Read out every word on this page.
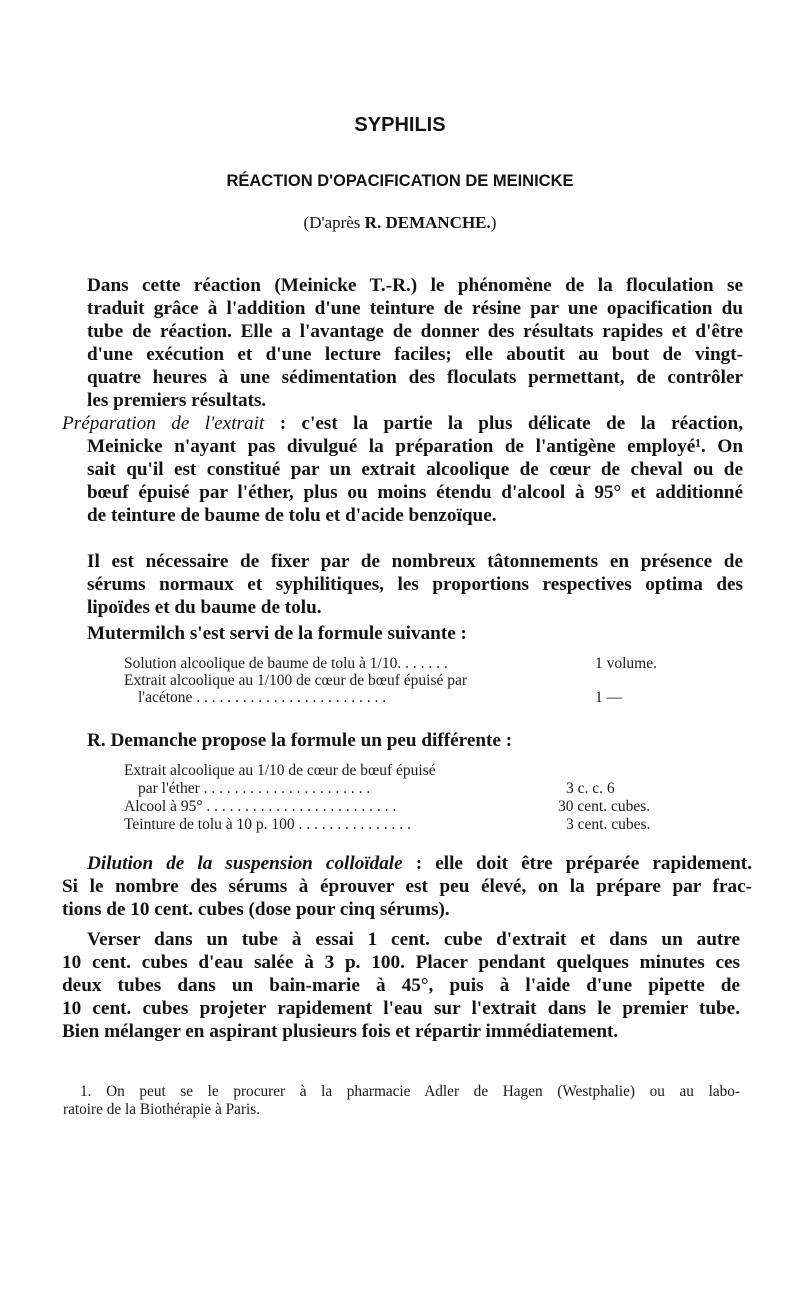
SYPHILIS
RÉACTION D'OPACIFICATION DE MEINICKE
(D'après R. DEMANCHE.)
Dans cette réaction (Meinicke T.-R.) le phénomène de la floculation se
traduit grâce à l'addition d'une teinture de résine par une opacification du
tube de réaction. Elle a l'avantage de donner des résultats rapides et d'être
d'une exécution et d'une lecture faciles; elle aboutit au bout de vingt-
quatre heures à une sédimentation des floculats permettant, de contrôler
les premiers résultats.
Préparation de l'extrait : c'est la partie la plus délicate de la réaction,
Meinicke n'ayant pas divulgué la préparation de l'antigène employé¹. On
sait qu'il est constitué par un extrait alcoolique de cœur de cheval ou de
bœuf épuisé par l'éther, plus ou moins étendu d'alcool à 95° et additionné
de teinture de baume de tolu et d'acide benzoïque.
Il est nécessaire de fixer par de nombreux tâtonnements en présence de
sérums normaux et syphilitiques, les proportions respectives optima des
lipoïdes et du baume de tolu.
Mutermilch s'est servi de la formule suivante :
Solution alcoolique de baume de tolu à 1/10. . . . . . .	1 volume.
Extrait alcoolique au 1/100 de cœur de bœuf épuisé par
l'acétone . . . . . . . . . . . . . . . . . . . . . . . . .	1 —
R. Demanche propose la formule un peu différente :
Extrait alcoolique au 1/10 de cœur de bœuf épuisé
par l'éther . . . . . . . . . . . . . . . . . . . . . .	3 c. c. 6
Alcool à 95° . . . . . . . . . . . . . . . . . . . . . . . . .	30 cent. cubes.
Teinture de tolu à 10 p. 100 . . . . . . . . . . . . . . .	3 cent. cubes.
Dilution de la suspension colloïdale : elle doit être préparée rapidement.
Si le nombre des sérums à éprouver est peu élevé, on la prépare par frac-
tions de 10 cent. cubes (dose pour cinq sérums).
Verser dans un tube à essai 1 cent. cube d'extrait et dans un autre
10 cent. cubes d'eau salée à 3 p. 100. Placer pendant quelques minutes ces
deux tubes dans un bain-marie à 45°, puis à l'aide d'une pipette de
10 cent. cubes projeter rapidement l'eau sur l'extrait dans le premier tube.
Bien mélanger en aspirant plusieurs fois et répartir immédiatement.
1. On peut se le procurer à la pharmacie Adler de Hagen (Westphalie) ou au labo-
ratoire de la Biothérapie à Paris.
